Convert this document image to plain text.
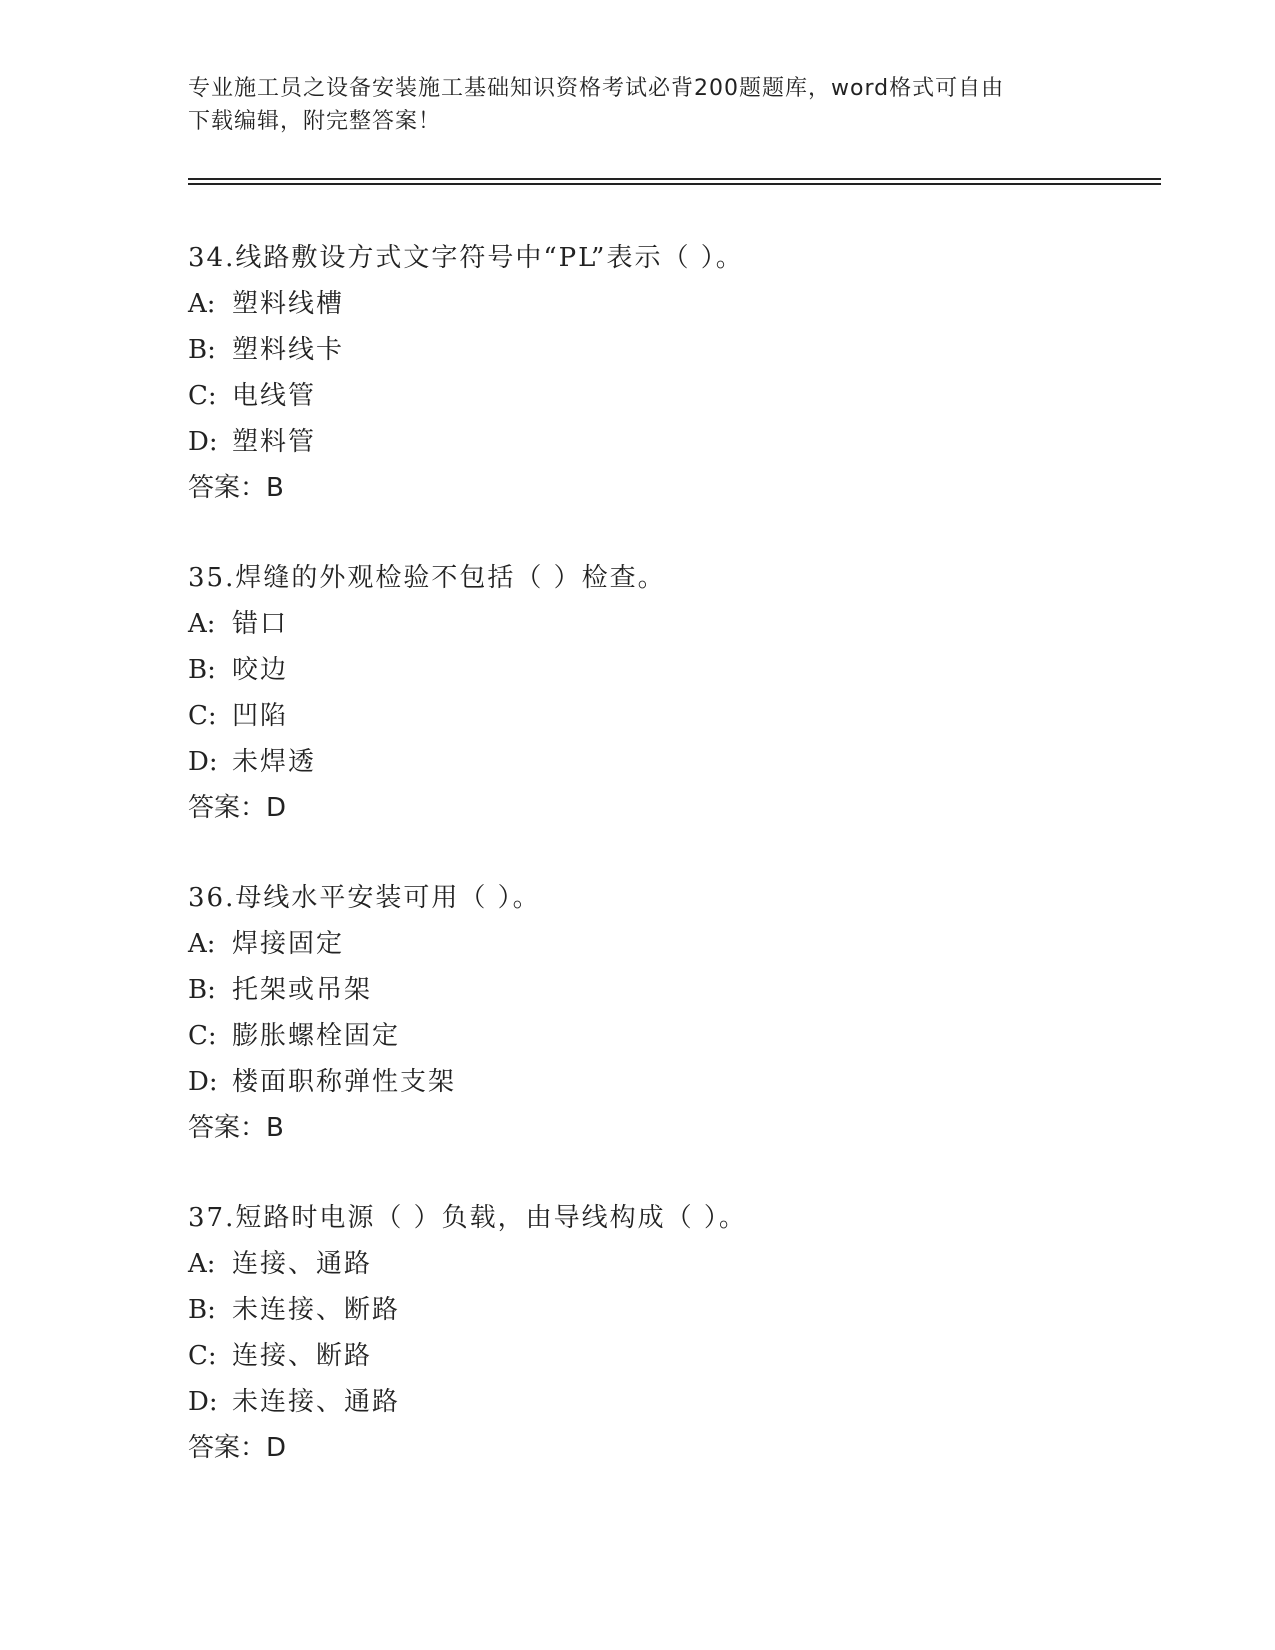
专业施工员之设备安装施工基础知识资格考试必背200题题库，word格式可自由
下载编辑，附完整答案！
34.线路敷设方式文字符号中“PL”表示（ ）。
A: 塑料线槽
B: 塑料线卡
C: 电线管
D: 塑料管
答案：B
35.焊缝的外观检验不包括（ ）检查。
A: 错口
B: 咬边
C: 凹陷
D: 未焊透
答案：D
36.母线水平安装可用（ ）。
A: 焊接固定
B: 托架或吊架
C: 膨胀螺栓固定
D: 楼面职称弹性支架
答案：B
37.短路时电源（ ）负载，由导线构成（ ）。
A: 连接、通路
B: 未连接、断路
C: 连接、断路
D: 未连接、通路
答案：D
